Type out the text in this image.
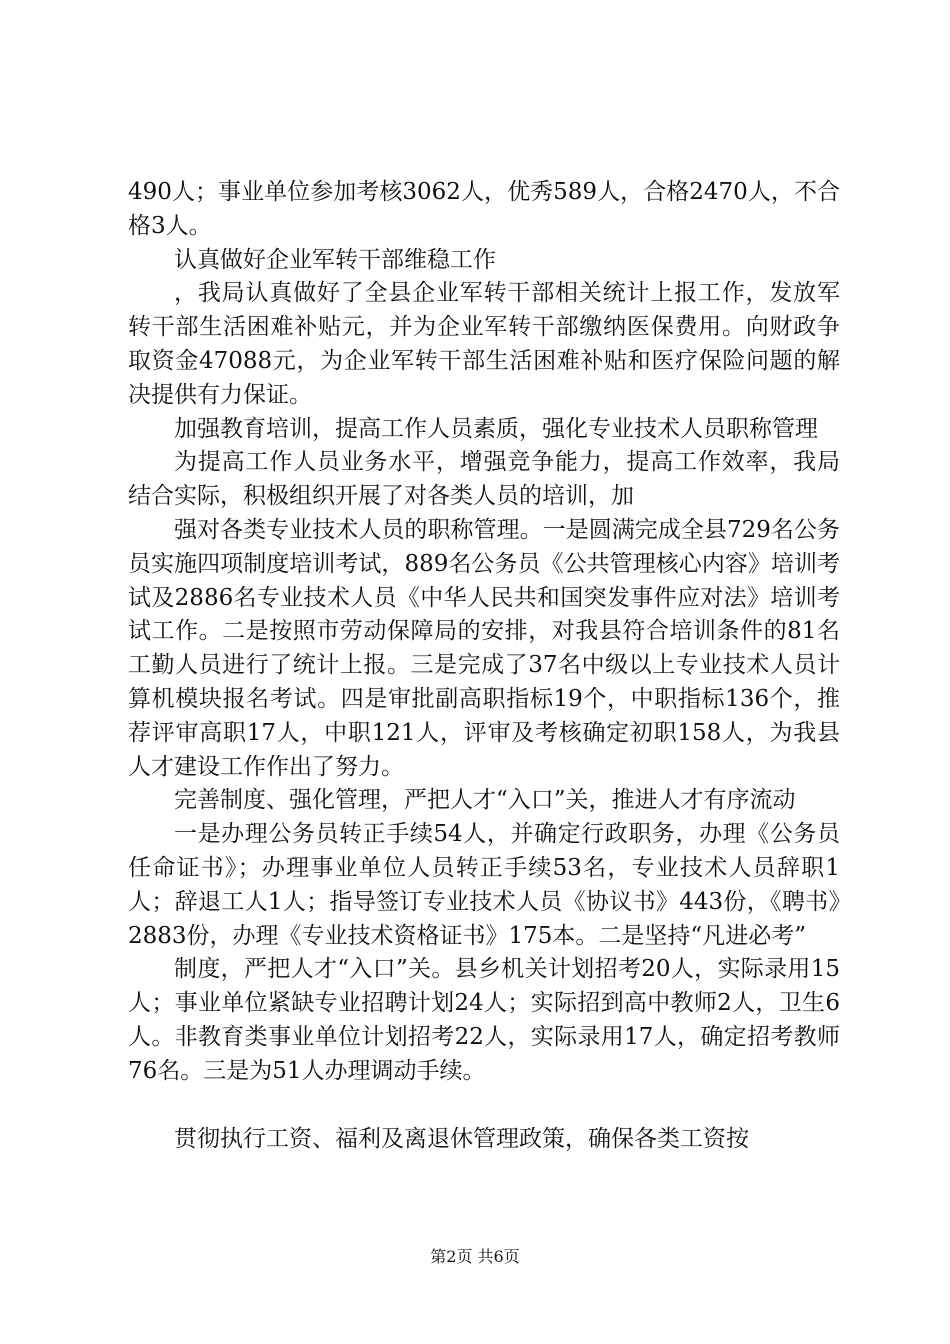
490人；事业单位参加考核3062人，优秀589人，合格2470人，不合格3人。

认真做好企业军转干部维稳工作

，我局认真做好了全县企业军转干部相关统计上报工作，发放军转干部生活困难补贴元，并为企业军转干部缴纳医保费用。向财政争取资金47088元，为企业军转干部生活困难补贴和医疗保险问题的解决提供有力保证。

加强教育培训，提高工作人员素质，强化专业技术人员职称管理

为提高工作人员业务水平，增强竞争能力，提高工作效率，我局结合实际，积极组织开展了对各类人员的培训，加

强对各类专业技术人员的职称管理。一是圆满完成全县729名公务员实施四项制度培训考试，889名公务员《公共管理核心内容》培训考试及2886名专业技术人员《中华人民共和国突发事件应对法》培训考试工作。二是按照市劳动保障局的安排，对我县符合培训条件的81名工勤人员进行了统计上报。三是完成了37名中级以上专业技术人员计算机模块报名考试。四是审批副高职指标19个，中职指标136个，推荐评审高职17人，中职121人，评审及考核确定初职158人，为我县人才建设工作作出了努力。

完善制度、强化管理，严把人才“入口”关，推进人才有序流动

一是办理公务员转正手续54人，并确定行政职务，办理《公务员任命证书》；办理事业单位人员转正手续53名，专业技术人员辞职1人；辞退工人1人；指导签订专业技术人员《协议书》443份，《聘书》2883份，办理《专业技术资格证书》175本。二是坚持“凡进必考”

制度，严把人才“入口”关。县乡机关计划招考20人，实际录用15人；事业单位紧缺专业招聘计划24人；实际招到高中教师2人，卫生6人。非教育类事业单位计划招考22人，实际录用17人，确定招考教师76名。三是为51人办理调动手续。

贯彻执行工资、福利及离退休管理政策，确保各类工资按

第2页 共6页
